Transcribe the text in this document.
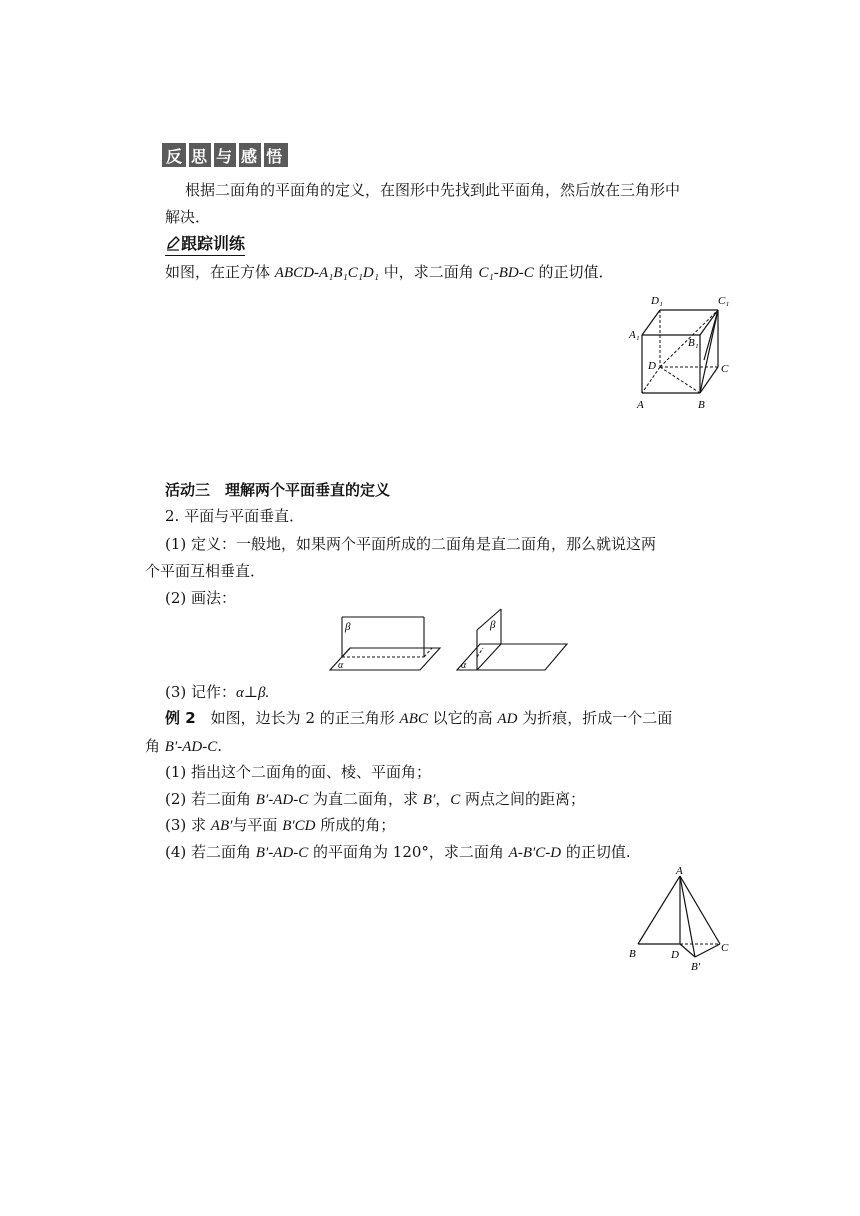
反 思 与 感 悟
根据二面角的平面角的定义，在图形中先找到此平面角，然后放在三角形中
解决．
跟踪训练
如图，在正方体 ABCD-A₁B₁C₁D₁ 中，求二面角 C₁-BD-C 的正切值．
D₁	C₁
A₁
B₁
D	C
A	B
活动三　理解两个平面垂直的定义
2. 平面与平面垂直．
(1) 定义：一般地，如果两个平面所成的二面角是直二面角，那么就说这两
个平面互相垂直．
(2) 画法：
β
α
β
α
(3) 记作：α⊥β.
例 2　如图，边长为 2 的正三角形 ABC 以它的高 AD 为折痕，折成一个二面
角 B′-AD-C.
(1) 指出这个二面角的面、棱、平面角；
(2) 若二面角 B′-AD-C 为直二面角，求 B′，C 两点之间的距离；
(3) 求 AB′与平面 B′CD 所成的角；
(4) 若二面角 B′-AD-C 的平面角为 120°，求二面角 A-B′C-D 的正切值.
A
B	D
C
B′
